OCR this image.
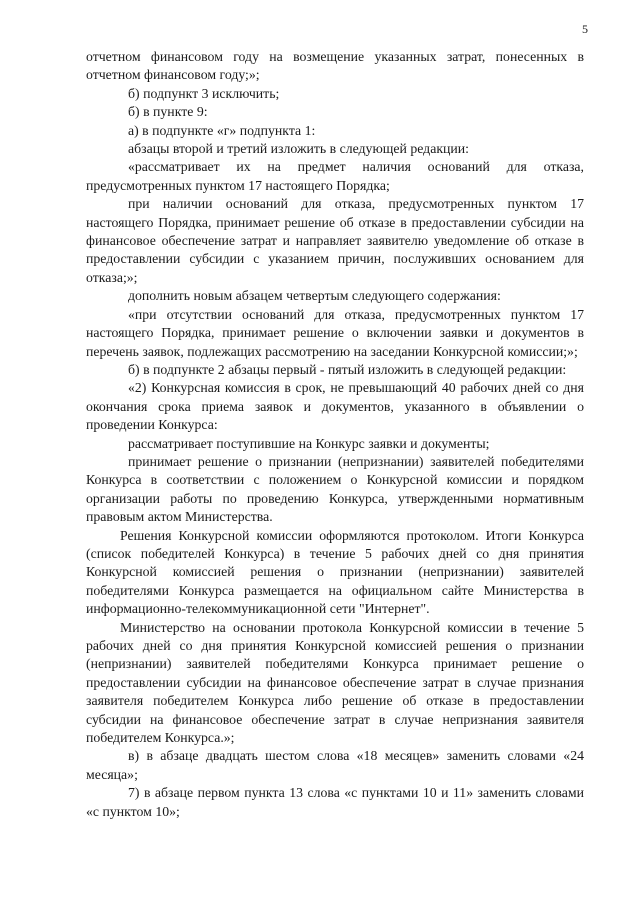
5

отчетном финансовом году на возмещение указанных затрат, понесенных в отчетном финансовом году;»;

б) подпункт 3 исключить;

б) в пункте 9:

а) в подпункте «г» подпункта 1:

абзацы второй и третий изложить в следующей редакции:

«рассматривает их на предмет наличия оснований для отказа, предусмотренных пунктом 17 настоящего Порядка;

при наличии оснований для отказа, предусмотренных пунктом 17 настоящего Порядка, принимает решение об отказе в предоставлении субсидии на финансовое обеспечение затрат и направляет заявителю уведомление об отказе в предоставлении субсидии с указанием причин, послуживших основанием для отказа;»;

дополнить новым абзацем четвертым следующего содержания:

«при отсутствии оснований для отказа, предусмотренных пунктом 17 настоящего Порядка, принимает решение о включении заявки и документов в перечень заявок, подлежащих рассмотрению на заседании Конкурсной комиссии;»;

б) в подпункте 2 абзацы первый - пятый изложить в следующей редакции:

«2) Конкурсная комиссия в срок, не превышающий 40 рабочих дней со дня окончания срока приема заявок и документов, указанного в объявлении о проведении Конкурса:

рассматривает поступившие на Конкурс заявки и документы;

принимает решение о признании (непризнании) заявителей победителями Конкурса в соответствии с положением о Конкурсной комиссии и порядком организации работы по проведению Конкурса, утвержденными нормативным правовым актом Министерства.

Решения Конкурсной комиссии оформляются протоколом. Итоги Конкурса (список победителей Конкурса) в течение 5 рабочих дней со дня принятия Конкурсной комиссией решения о признании (непризнании) заявителей победителями Конкурса размещается на официальном сайте Министерства в информационно-телекоммуникационной сети "Интернет".

Министерство на основании протокола Конкурсной комиссии в течение 5 рабочих дней со дня принятия Конкурсной комиссией решения о признании (непризнании) заявителей победителями Конкурса принимает решение о предоставлении субсидии на финансовое обеспечение затрат в случае признания заявителя победителем Конкурса либо решение об отказе в предоставлении субсидии на финансовое обеспечение затрат в случае непризнания заявителя победителем Конкурса.»;

в) в абзаце двадцать шестом слова «18 месяцев» заменить словами «24 месяца»;

7) в абзаце первом пункта 13 слова «с пунктами 10 и 11» заменить словами «с пунктом 10»;
